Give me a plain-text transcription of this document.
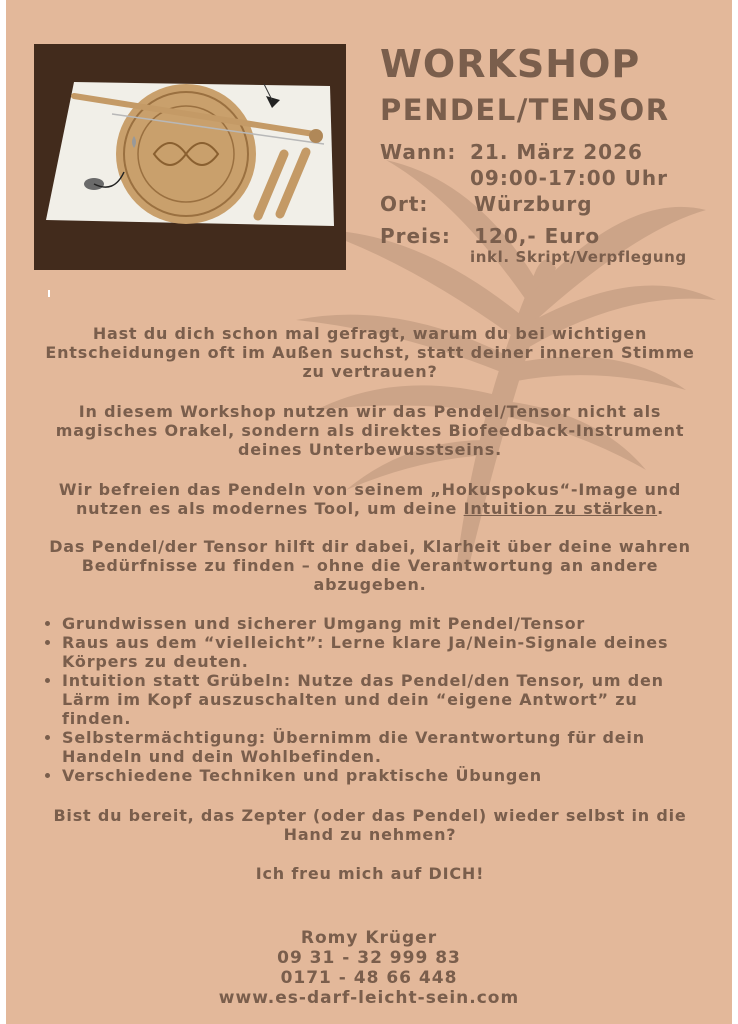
WORKSHOP
PENDEL/TENSOR
Wann: 21. März 2026
09:00-17:00 Uhr
Ort: Würzburg
Preis: 120,- Euro
inkl. Skript/Verpflegung

Hast du dich schon mal gefragt, warum du bei wichtigen Entscheidungen oft im Außen suchst, statt deiner inneren Stimme zu vertrauen?

In diesem Workshop nutzen wir das Pendel/Tensor nicht als magisches Orakel, sondern als direktes Biofeedback-Instrument deines Unterbewusstseins.

Wir befreien das Pendeln von seinem „Hokuspokus“-Image und nutzen es als modernes Tool, um deine Intuition zu stärken.

Das Pendel/der Tensor hilft dir dabei, Klarheit über deine wahren Bedürfnisse zu finden – ohne die Verantwortung an andere abzugeben.

• Grundwissen und sicherer Umgang mit Pendel/Tensor
• Raus aus dem “vielleicht”: Lerne klare Ja/Nein-Signale deines Körpers zu deuten.
• Intuition statt Grübeln: Nutze das Pendel/den Tensor, um den Lärm im Kopf auszuschalten und dein “eigene Antwort” zu finden.
• Selbstermächtigung: Übernimm die Verantwortung für dein Handeln und dein Wohlbefinden.
• Verschiedene Techniken und praktische Übungen

Bist du bereit, das Zepter (oder das Pendel) wieder selbst in die Hand zu nehmen?

Ich freu mich auf DICH!

Romy Krüger
09 31 - 32 999 83
0171 - 48 66 448
www.es-darf-leicht-sein.com
